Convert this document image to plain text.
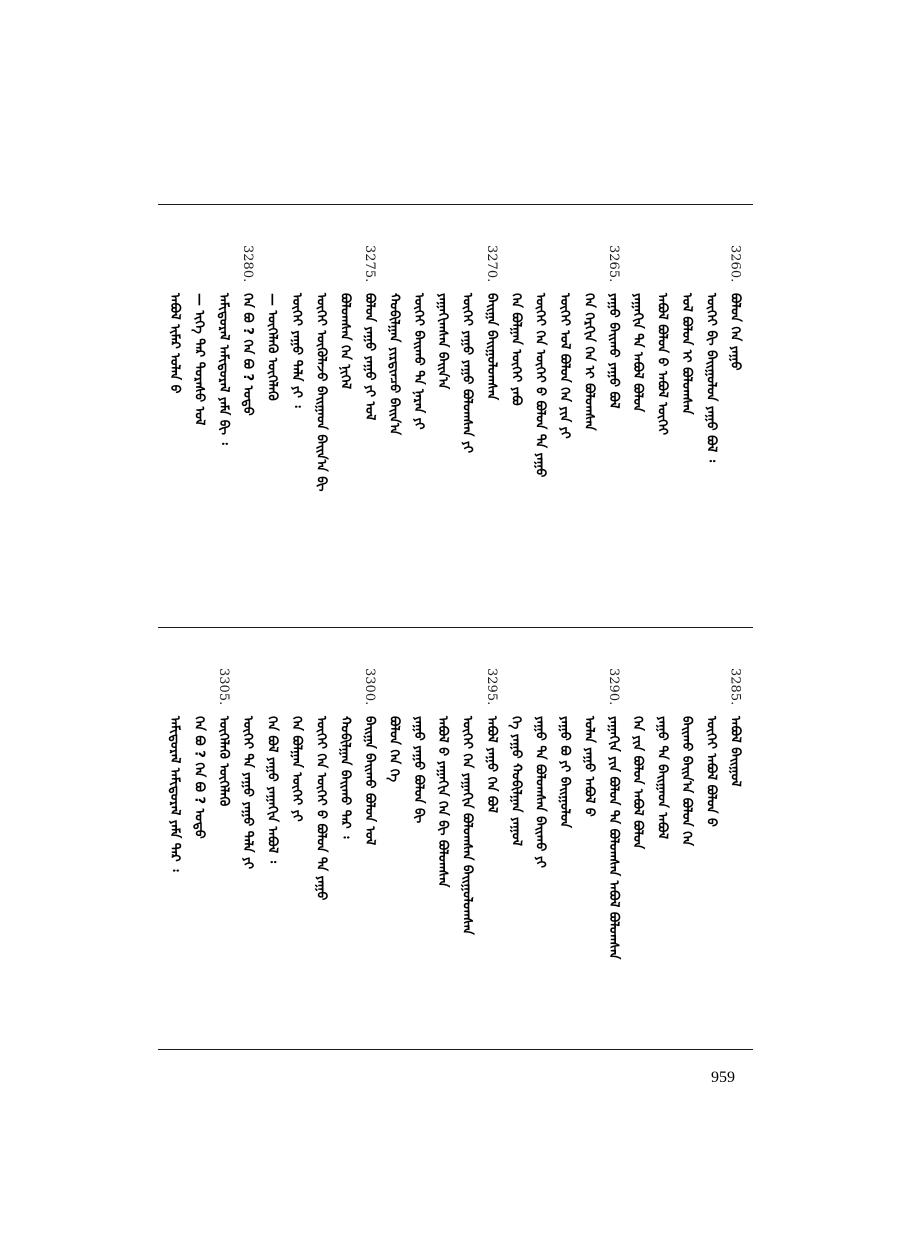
ᠠᠪᠤᠯ ᠢᠮᠠᠷ ᠤᠯᠠᠨ ᠪ — ᠢᠬᠡ ᠲᠡᠷ ᠳᠤᠷᠠᠰᠤ ᠤᠯ ᠠᠮᠢᠳᠤᠷᠠᠯ ᠠᠮᠢᠳᠤᠷᠠᠯ ᠶᠠᠮᠠ ᠪᠢ ᠄
3280.
ᠬᠡᠨ ᠪᠤ ? ᠬᠡᠨ ᠪᠤ ? ᠣᠳᠣ — ᠦᠬᠡᠯᠡᠭᠦ ᠦᠬᠡᠯᠡᠭᠦ ᠦᠭᠡᠢ ᠶᠠᠭᠤ ᠲᠠᠯᠠ ᠶᠢ ᠄ ᠦᠭᠡᠢ ᠦᠭᠦᠯᠡᠵᠦ ᠪᠠᠢᠭᠠᠳ ᠪᠠᠢᠨ᠎ᠠ ᠪᠢ ᠪᠣᠯᠣᠭᠰᠠᠨ ᠬᠡᠨ ᠨᠢᠭᠡᠯ
3275.
ᠪᠣᠯᠤᠨ ᠶᠠᠭᠤ ᠶᠠᠭᠤ ᠶᠢ ᠤᠯ ᠬᠣᠪᠢᠯᠭᠠᠨ ᠶᠢᠷᠲᠢᠨᠴᠦ ᠪᠠᠢᠨ᠎ᠠ ᠦᠭᠡᠢ ᠪᠠᠢᠬᠤ ᠲᠠ ᠨᠠᠷᠠᠨ ᠶᠢ ᠶᠠᠭᠠᠬᠢᠭᠰᠠᠨ ᠪᠠᠢᠨ᠎ᠠ ᠦᠭᠡᠢ ᠶᠠᠭᠤ ᠶᠠᠭᠤ ᠪᠣᠯᠣᠭᠰᠠᠨ ᠶᠢ
3270.
ᠪᠠᠢᠭᠠ ᠪᠠᠢᠭᠤᠯᠤᠭᠰᠠᠨ ᠬᠡᠨ ᠪᠣᠯᠭᠠᠨ ᠦᠭᠡᠢ ᠶᠠᠪᠤ ᠦᠭᠡᠢ ᠬᠡᠨ ᠦᠭᠡᠢ ᠪ ᠪᠣᠯᠣᠨ ᠲᠠ ᠶᠠᠭᠤ ᠦᠭᠡᠢ ᠤᠯ ᠪᠣᠯᠤᠨ ᠬᠡᠨ ᠶᠢᠨ ᠶᠢ ᠬᠡᠨ ᠬᠡᠷᠬᠢᠨ ᠬᠡᠨ ᠢ ᠪᠣᠯᠣᠭᠰᠠᠨ
3265.
ᠶᠠᠭᠤ ᠪᠠᠢᠬᠤ ᠶᠠᠭᠤ ᠪᠣᠯ ᠶᠠᠭᠠᠬᠢᠨ ᠲᠠ ᠠᠪᠤᠯ ᠪᠣᠯᠤᠨ ᠠᠪᠤᠯ ᠪᠣᠯᠤᠨ ᠪ ᠠᠪᠤᠯ ᠦᠭᠡᠢ ᠤᠯ ᠪᠣᠯᠤᠨ ᠢ ᠪᠣᠯᠣᠭᠰᠠᠨ ᠦᠭᠡᠢ ᠪᠢ ᠪᠠᠢᠭᠤᠯᠤᠨ ᠶᠠᠭᠤ ᠪᠣᠯ ᠄
3260.
ᠪᠣᠯᠤᠨ ᠬᠡᠨ ᠶᠠᠭᠤ
ᠠᠮᠢᠳᠤᠷᠠᠯ ᠠᠮᠢᠳᠤᠷᠠᠯ ᠶᠠᠮᠠ ᠲᠡᠷ ᠄ ᠬᠡᠨ ᠪᠤ ? ᠬᠡᠨ ᠪᠤ ? ᠣᠳᠣ
3305.
ᠦᠬᠡᠯᠡᠭᠦ ᠦᠬᠡᠯᠡᠭᠦ ᠦᠭᠡᠢ ᠲᠠ ᠶᠠᠭᠤ ᠶᠠᠭᠤ ᠲᠠᠯᠠ ᠶᠢ ᠬᠡᠨ ᠪᠣᠯ ᠶᠠᠭᠤ ᠶᠠᠭᠠᠬᠢᠨ ᠠᠪᠤᠯ ᠄ ᠬᠡᠨ ᠪᠣᠯᠭᠠᠨ ᠦᠭᠡᠢ ᠶᠢ ᠦᠭᠡᠢ ᠬᠡᠨ ᠦᠭᠡᠢ ᠪ ᠪᠣᠯᠣᠨ ᠲᠠ ᠶᠠᠭᠤ ᠬᠣᠪᠢᠯᠭᠠᠨ ᠪᠠᠢᠬᠤ ᠲᠡᠷ ᠄
3300.
ᠪᠠᠢᠭᠠ ᠪᠠᠢᠬᠤ ᠪᠣᠯᠤᠨ ᠣᠯ ᠪᠣᠯᠤᠨ ᠬᠡᠨ ᠬᠡ ᠶᠠᠭᠤ ᠶᠠᠭᠤ ᠪᠣᠯᠤᠨ ᠪᠢ ᠠᠪᠤᠯ ᠪ ᠶᠠᠭᠠᠬᠢᠨ ᠬᠡᠨ ᠪᠢ ᠪᠣᠯᠣᠭᠰᠠᠨ ᠦᠭᠡᠢ ᠬᠡᠨ ᠶᠠᠭᠠᠬᠢᠨ ᠪᠣᠯᠣᠭᠰᠠᠨ ᠪᠠᠢᠭᠤᠯᠤᠭᠰᠠᠨ
3295.
ᠠᠪᠤᠯ ᠶᠠᠭᠤ ᠬᠡᠨ ᠪᠣᠯ ᠬᠡ ᠶᠠᠭᠤ ᠬᠣᠪᠢᠯᠭᠠᠨ ᠶᠠᠭᠤᠯ ᠶᠠᠭᠤ ᠲᠠ ᠪᠣᠯᠣᠭᠰᠠᠨ ᠪᠠᠢᠬᠤ ᠶᠢ ᠶᠠᠭᠤ ᠪᠣ ᠶᠢ ᠪᠠᠢᠭᠤᠯᠤᠨ ᠤᠯᠠᠨ ᠶᠠᠭᠤ ᠠᠪᠤᠯ ᠪ
3290.
ᠶᠠᠭᠠᠬᠢᠨ ᠶᠢᠨ ᠪᠣᠯᠤᠨ ᠲᠠ ᠪᠣᠯᠣᠭᠰᠠᠨ ᠠᠪᠤᠯ ᠪᠣᠯᠣᠭᠰᠠᠨ ᠬᠡᠨ ᠶᠢᠨ ᠪᠣᠯᠤᠨ ᠠᠪᠤᠯ ᠪᠣᠯᠣᠨ ᠶᠠᠭᠤ ᠲᠠ ᠪᠠᠢᠭᠠᠳ ᠠᠪᠤᠯ ᠪᠠᠢᠬᠤ ᠪᠠᠢᠨ᠎ᠠ ᠪᠣᠯᠤᠨ ᠬᠡᠨ ᠦᠭᠡᠢ ᠠᠪᠤᠯ ᠪᠣᠯᠤᠨ ᠪ
3285.
ᠠᠪᠤᠯ ᠪᠠᠢᠭᠤᠯ
959
